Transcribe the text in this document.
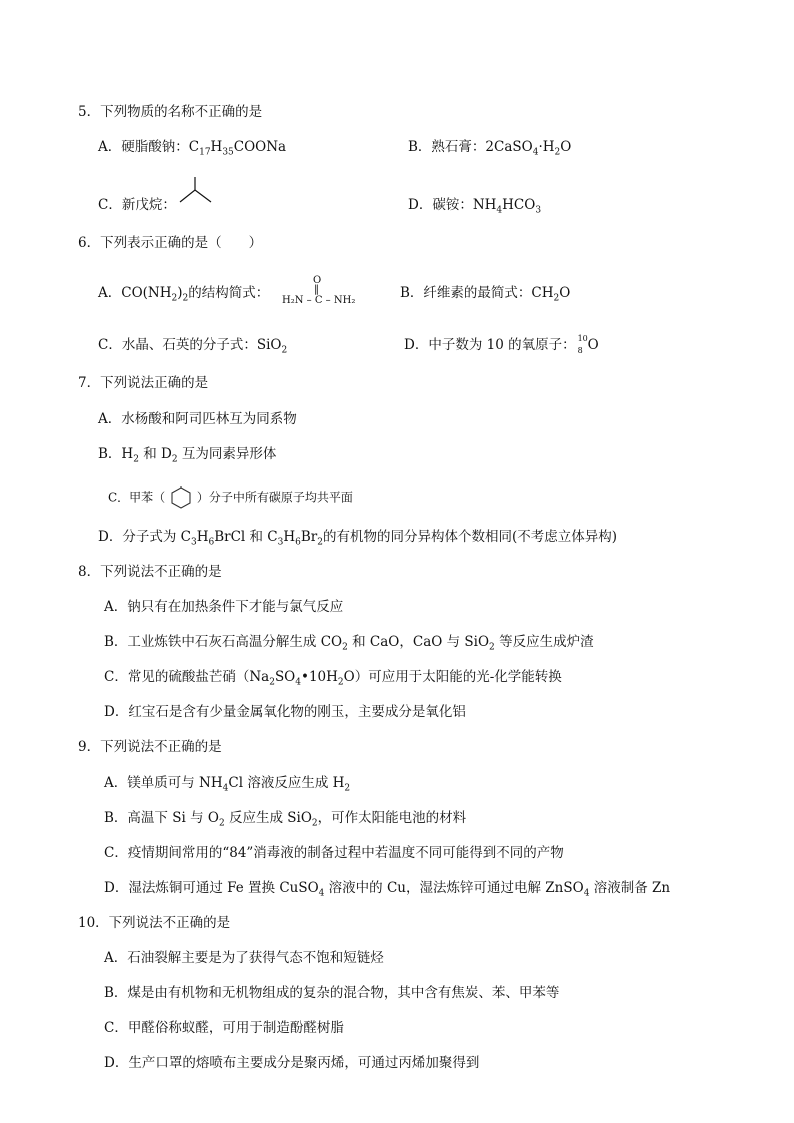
5．下列物质的名称不正确的是
A．硬脂酸钠：$C_{17}H_{35}COONa$	B．熟石膏：$2CaSO_4\cdot H_2O$
C．新戊烷：	D．碳铵：$NH_4HCO_3$
6．下列表示正确的是（　　）
A．$CO(NH_2)_2$的结构简式：
O
‖
H₂N – C – NH₂	B．纤维素的最简式：$CH_2O$
C．水晶、石英的分子式：SiO$_2$	D．中子数为 10 的氧原子： 10
8 O
7．下列说法正确的是
A．水杨酸和阿司匹林互为同系物
B．$H_2$ 和 $D_2$ 互为同素异形体
C．甲苯（	）分子中所有碳原子均共平面
D．分子式为 $C_3H_6BrCl$ 和 $C_3H_6Br_2$的有机物的同分异构体个数相同(不考虑立体异构)
8．下列说法不正确的是
A．钠只有在加热条件下才能与氯气反应
B．工业炼铁中石灰石高温分解生成 $CO_2$ 和 CaO，CaO 与 SiO$_2$ 等反应生成炉渣
C．常见的硫酸盐芒硝$(Na_2SO_4•10H_2O)$可应用于太阳能的光-化学能转换
D．红宝石是含有少量金属氧化物的刚玉，主要成分是氧化铝
9．下列说法不正确的是
A．镁单质可与 $NH_4Cl$ 溶液反应生成 $H_2$
B．高温下 Si 与 $O_2$ 反应生成 SiO$_2$，可作太阳能电池的材料
C．疫情期间常用的“84”消毒液的制备过程中若温度不同可能得到不同的产物
D．湿法炼铜可通过 Fe 置换 CuSO$_4$ 溶液中的 Cu，湿法炼锌可通过电解 ZnSO$_4$ 溶液制备 Zn
10．下列说法不正确的是
A．石油裂解主要是为了获得气态不饱和短链烃
B．煤是由有机物和无机物组成的复杂的混合物，其中含有焦炭、苯、甲苯等
C．甲醛俗称蚁醛，可用于制造酚醛树脂
D．生产口罩的熔喷布主要成分是聚丙烯，可通过丙烯加聚得到
